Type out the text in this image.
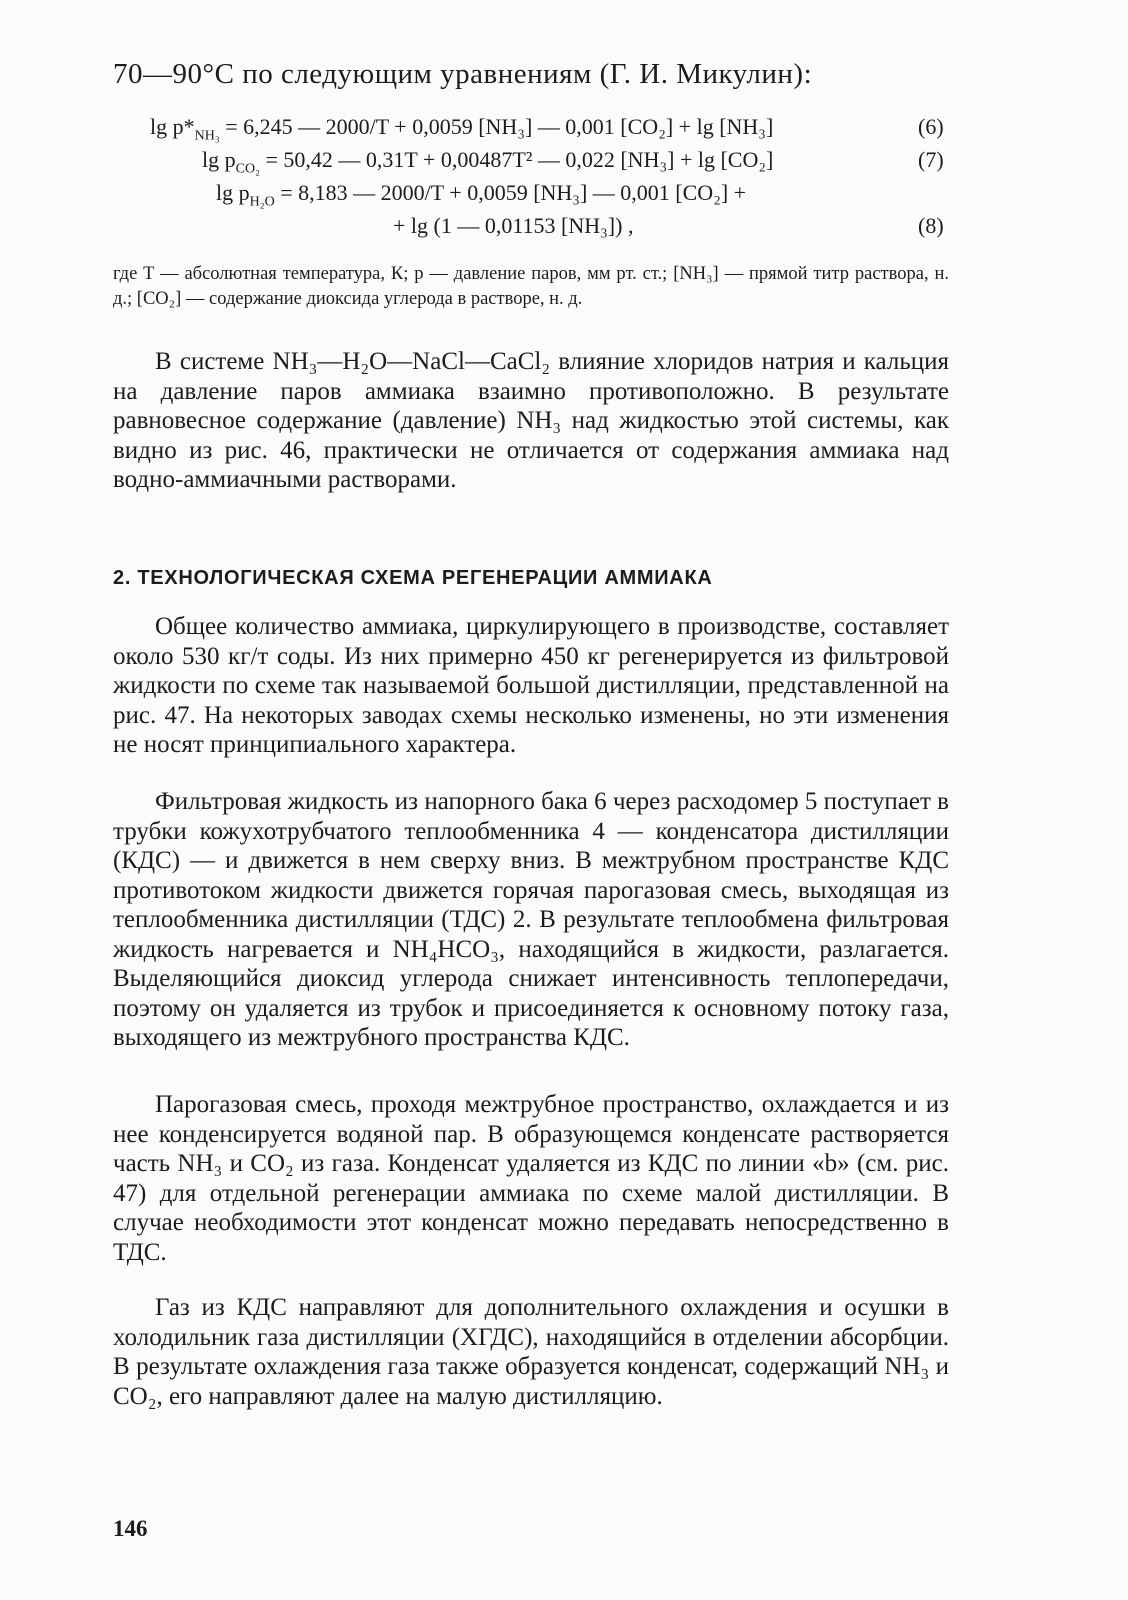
70—90°C по следующим уравнениям (Г. И. Микулин):
$\lg p*_{NH_3} = 6,245$ — 2000/T + 0,0059 [NH₃] — 0,001 [CO₂] + lg [NH₃]	(6)
$\lg p_{CO_2} = 50,42$ — 0,31T + 0,00487T² — 0,022 [NH₃] + lg [CO₂]	(7)
$\lg p_{H_2O} = 8,183$ — 2000/T + 0,0059 [NH₃] — 0,001 [CO₂] +
+ lg (1 — 0,01153 [NH₃]) ,	(8)
где T — абсолютная температура, К; p — давление паров, мм рт. ст.; [NH₃] — прямой титр раствора, н. д.; [CO₂] — содержание диоксида углерода в растворе, н. д.
В системе NH₃—H₂O—NaCl—CaCl₂ влияние хлоридов натрия и кальция на давление паров аммиака взаимно противоположно. В результате равновесное содержание (давление) NH₃ над жидкостью этой системы, как видно из рис. 46, практически не отличается от содержания аммиака над водно-аммиачными растворами.
2. ТЕХНОЛОГИЧЕСКАЯ СХЕМА РЕГЕНЕРАЦИИ АММИАКА
Общее количество аммиака, циркулирующего в производстве, составляет около 530 кг/т соды. Из них примерно 450 кг регенерируется из фильтровой жидкости по схеме так называемой большой дистилляции, представленной на рис. 47. На некоторых заводах схемы несколько изменены, но эти изменения не носят принципиального характера.
Фильтровая жидкость из напорного бака 6 через расходомер 5 поступает в трубки кожухотрубчатого теплообменника 4 — конденсатора дистилляции (КДС) — и движется в нем сверху вниз. В межтрубном пространстве КДС противотоком жидкости движется горячая парогазовая смесь, выходящая из теплообменника дистилляции (ТДС) 2. В результате теплообмена фильтровая жидкость нагревается и NH₄HCO₃, находящийся в жидкости, разлагается. Выделяющийся диоксид углерода снижает интенсивность теплопередачи, поэтому он удаляется из трубок и присоединяется к основному потоку газа, выходящего из межтрубного пространства КДС.
Парогазовая смесь, проходя межтрубное пространство, охлаждается и из нее конденсируется водяной пар. В образующемся конденсате растворяется часть NH₃ и CO₂ из газа. Конденсат удаляется из КДС по линии «b» (см. рис. 47) для отдельной регенерации аммиака по схеме малой дистилляции. В случае необходимости этот конденсат можно передавать непосредственно в ТДС.
Газ из КДС направляют для дополнительного охлаждения и осушки в холодильник газа дистилляции (ХГДС), находящийся в отделении абсорбции. В результате охлаждения газа также образуется конденсат, содержащий NH₃ и CO₂, его направляют далее на малую дистилляцию.
146
